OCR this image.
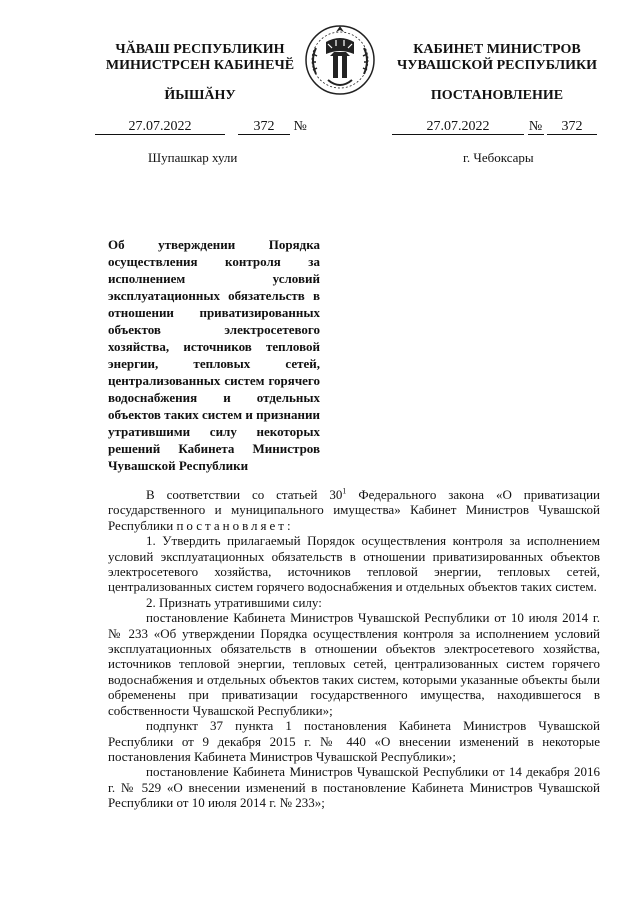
ЧӐВАШ РЕСПУБЛИКИН
МИНИСТРСЕН КАБИНЕЧӖ
ЙЫШӐНУ
КАБИНЕТ МИНИСТРОВ
ЧУВАШСКОЙ РЕСПУБЛИКИ
ПОСТАНОВЛЕНИЕ
27.07.2022	372 №	27.07.2022	№ 372
Шупашкар хули	г. Чебоксары
Об утверждении Порядка осуществления контроля за исполнением условий эксплуатационных обязательств в отношении приватизированных объектов электросетевого хозяйства, источников тепловой энергии, тепловых сетей, централизованных систем горячего водоснабжения и отдельных объектов таких систем и признании утратившими силу некоторых решений Кабинета Министров Чувашской Республики

В соответствии со статьей $30^1$ Федерального закона «О приватизации государственного и муниципального имущества» Кабинет Министров Чувашской Республики постановляет:

1. Утвердить прилагаемый Порядок осуществления контроля за исполнением условий эксплуатационных обязательств в отношении приватизированных объектов электросетевого хозяйства, источников тепловой энергии, тепловых сетей, централизованных систем горячего водоснабжения и отдельных объектов таких систем.

2. Признать утратившими силу:

постановление Кабинета Министров Чувашской Республики от 10 июля 2014 г. № 233 «Об утверждении Порядка осуществления контроля за исполнением условий эксплуатационных обязательств в отношении объектов электросетевого хозяйства, источников тепловой энергии, тепловых сетей, централизованных систем горячего водоснабжения и отдельных объектов таких систем, которыми указанные объекты были обременены при приватизации государственного имущества, находившегося в собственности Чувашской Республики»;

подпункт 37 пункта 1 постановления Кабинета Министров Чувашской Республики от 9 декабря 2015 г. № 440 «О внесении изменений в некоторые постановления Кабинета Министров Чувашской Республики»;

постановление Кабинета Министров Чувашской Республики от 14 декабря 2016 г. № 529 «О внесении изменений в постановление Кабинета Министров Чувашской Республики от 10 июля 2014 г. № 233»;
